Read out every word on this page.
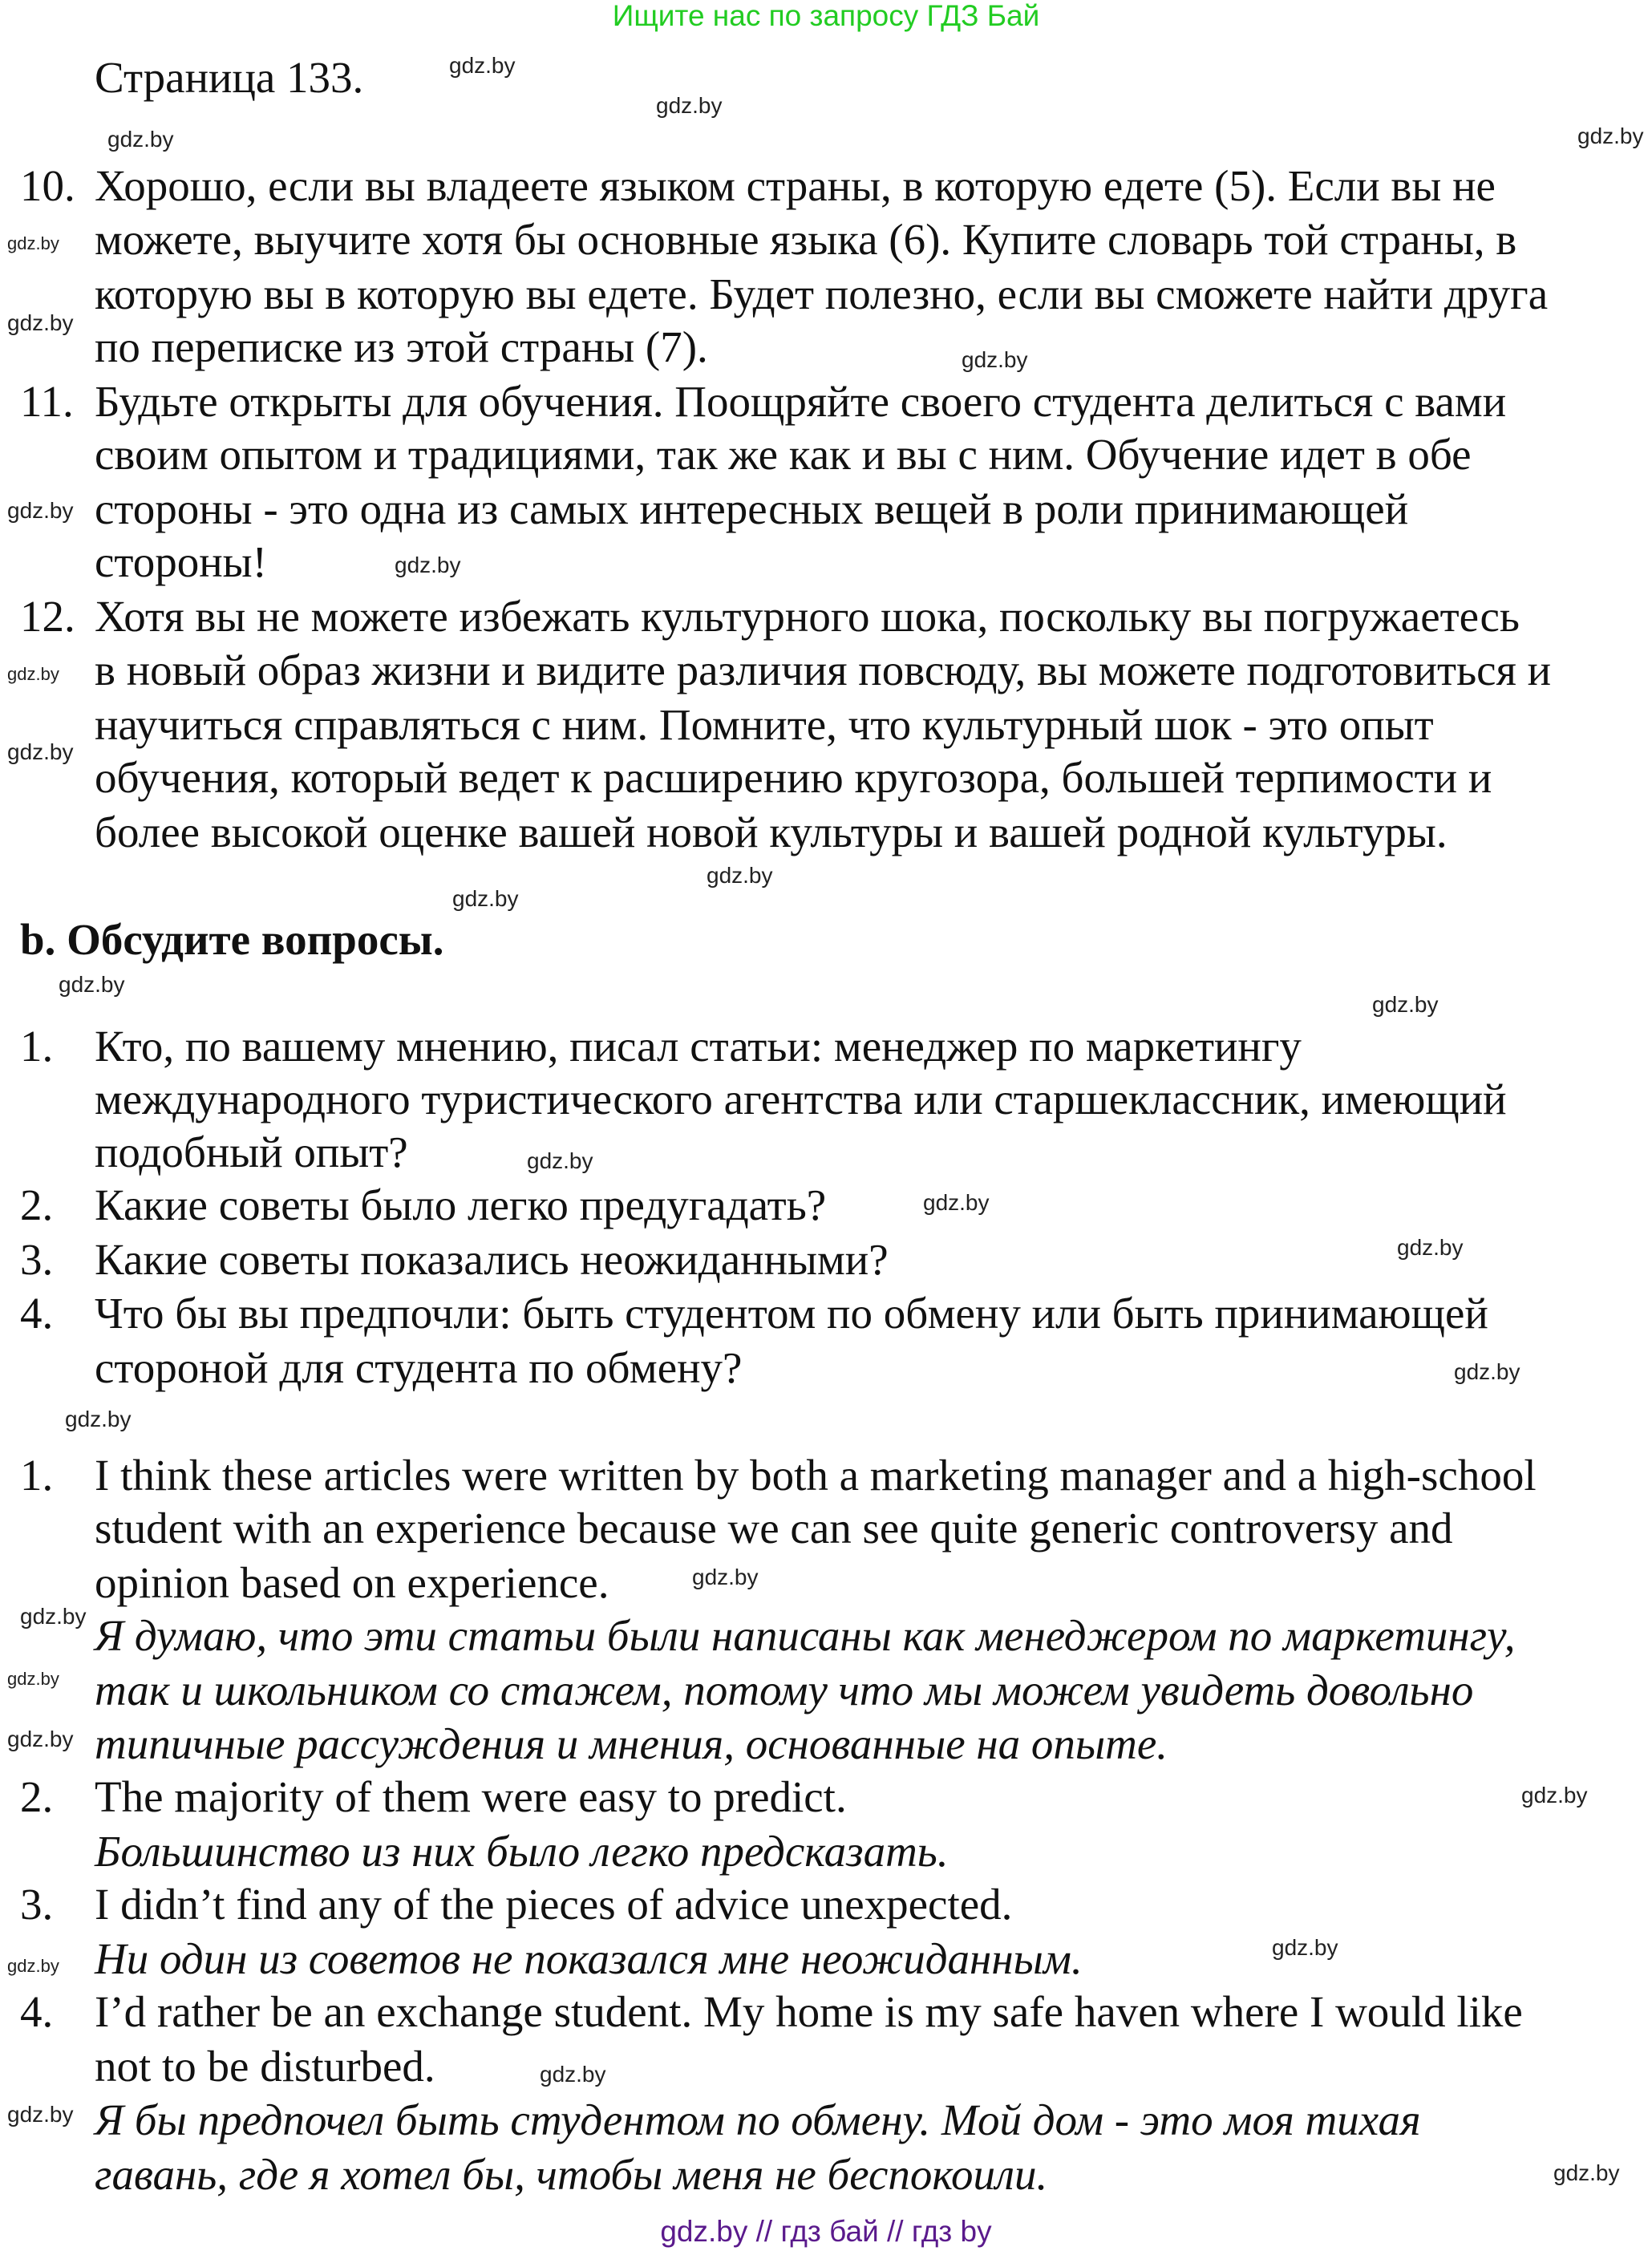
Ищите нас по запросу ГДЗ Бай
Страница 133.
10. Хорошо, если вы владеете языком страны, в которую едете (5). Если вы не
можете, выучите хотя бы основные языка (6). Купите словарь той страны, в
которую вы в которую вы едете. Будет полезно, если вы сможете найти друга
по переписке из этой страны (7).
11. Будьте открыты для обучения. Поощряйте своего студента делиться с вами
своим опытом и традициями, так же как и вы с ним. Обучение идет в обе
стороны - это одна из самых интересных вещей в роли принимающей
стороны!
12. Хотя вы не можете избежать культурного шока, поскольку вы погружаетесь
в новый образ жизни и видите различия повсюду, вы можете подготовиться и
научиться справляться с ним. Помните, что культурный шок - это опыт
обучения, который ведет к расширению кругозора, большей терпимости и
более высокой оценке вашей новой культуры и вашей родной культуры.
b. Обсудите вопросы.
1. Кто, по вашему мнению, писал статьи: менеджер по маркетингу
международного туристического агентства или старшеклассник, имеющий
подобный опыт?
2. Какие советы было легко предугадать?
3. Какие советы показались неожиданными?
4. Что бы вы предпочли: быть студентом по обмену или быть принимающей
стороной для студента по обмену?
1. I think these articles were written by both a marketing manager and a high-school
student with an experience because we can see quite generic controversy and
opinion based on experience.
Я думаю, что эти статьи были написаны как менеджером по маркетингу,
так и школьником со стажем, потому что мы можем увидеть довольно
типичные рассуждения и мнения, основанные на опыте.
2. The majority of them were easy to predict.
Большинство из них было легко предсказать.
3. I didn’t find any of the pieces of advice unexpected.
Ни один из советов не показался мне неожиданным.
4. I’d rather be an exchange student. My home is my safe haven where I would like
not to be disturbed.
Я бы предпочел быть студентом по обмену. Мой дом - это моя тихая
гавань, где я хотел бы, чтобы меня не беспокоили.
gdz.by
gdz.by
gdz.by	gdz.by
gdz.by
gdz.by
gdz.by
gdz.by
gdz.by
gdz.by
gdz.by
gdz.by
gdz.by
gdz.by
gdz.by
gdz.by
gdz.by
gdz.by
gdz.by
gdz.by
gdz.by
gdz.by
gdz.by
gdz.by
gdz.by
gdz.by
gdz.by
gdz.by
gdz.by
gdz.by
gdz.by // гдз бай // гдз by
